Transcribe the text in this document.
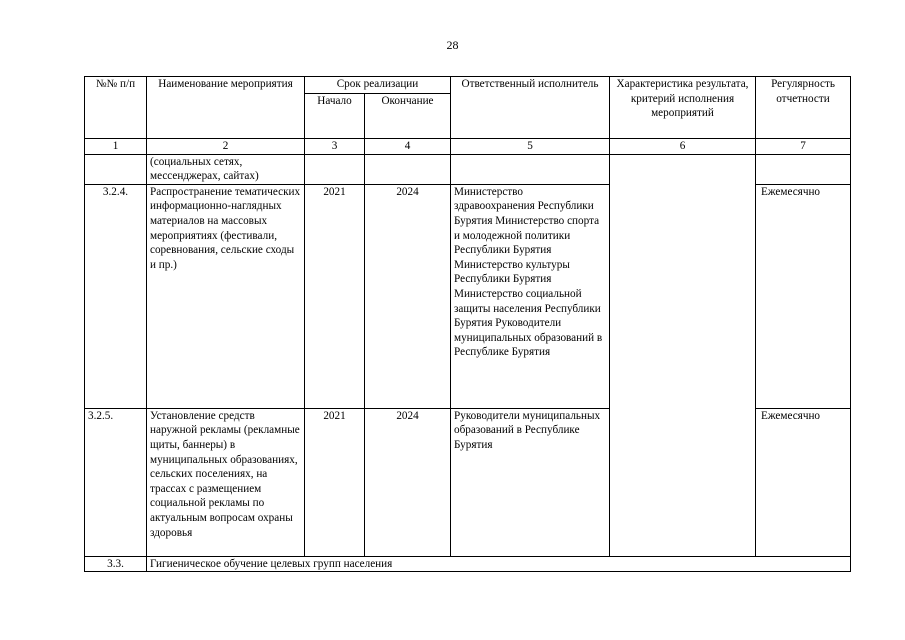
28
№№ п/п	Наименование мероприятия	Срок реализации		Ответственный исполнитель	Характеристика результата, критерий исполнения мероприятий	Регулярность отчетности
		Начало	Окончание			
1	2	3	4	5	6	7
	(социальных сетях, мессенджерах, сайтах)					
3.2.4.	Распространение тематических информационно-наглядных материалов на массовых мероприятиях (фестивали, соревнования, сельские сходы и пр.)	2021	2024	Министерство здравоохранения Республики Бурятия Министерство спорта и молодежной политики Республики Бурятия Министерство культуры Республики Бурятия Министерство социальной защиты населения Республики Бурятия Руководители муниципальных образований в Республике Бурятия		Ежемесячно
3.2.5.	Установление средств наружной рекламы (рекламные щиты, баннеры) в муниципальных образованиях, сельских поселениях, на трассах с размещением социальной рекламы по актуальным вопросам охраны здоровья	2021	2024	Руководители муниципальных образований в Республике Бурятия		Ежемесячно
3.3.	Гигиеническое обучение целевых групп населения					
